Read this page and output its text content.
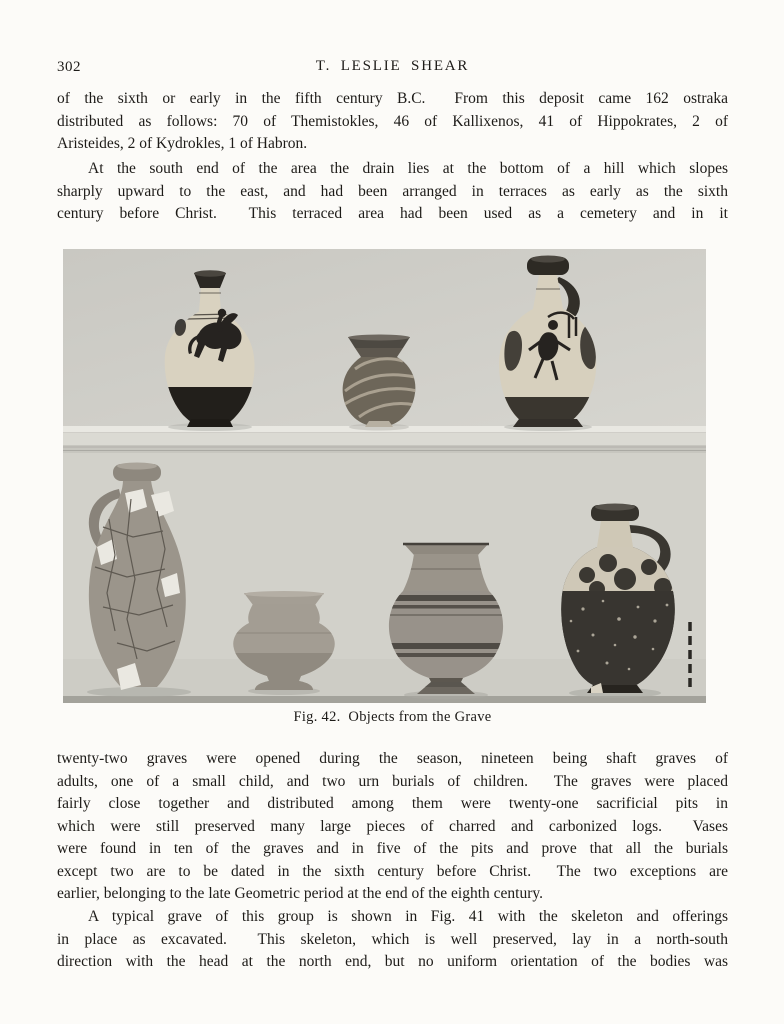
302	T. LESLIE SHEAR
of the sixth or early in the fifth century B.C.  From this deposit came 162 ostraka
distributed as follows: 70 of Themistokles, 46 of Kallixenos, 41 of Hippokrates, 2 of
Aristeides, 2 of Kydrokles, 1 of Habron.
At the south end of the area the drain lies at the bottom of a hill which slopes
sharply upward to the east, and had been arranged in terraces as early as the sixth
century before Christ.  This terraced area had been used as a cemetery and in it
Fig. 42.  Objects from the Grave
twenty-two graves were opened during the season, nineteen being shaft graves of
adults, one of a small child, and two urn burials of children.  The graves were placed
fairly close together and distributed among them were twenty-one sacrificial pits in
which were still preserved many large pieces of charred and carbonized logs.  Vases
were found in ten of the graves and in five of the pits and prove that all the burials
except two are to be dated in the sixth century before Christ.  The two exceptions are
earlier, belonging to the late Geometric period at the end of the eighth century.
A typical grave of this group is shown in Fig. 41 with the skeleton and offerings
in place as excavated.  This skeleton, which is well preserved, lay in a north-south
direction with the head at the north end, but no uniform orientation of the bodies was
